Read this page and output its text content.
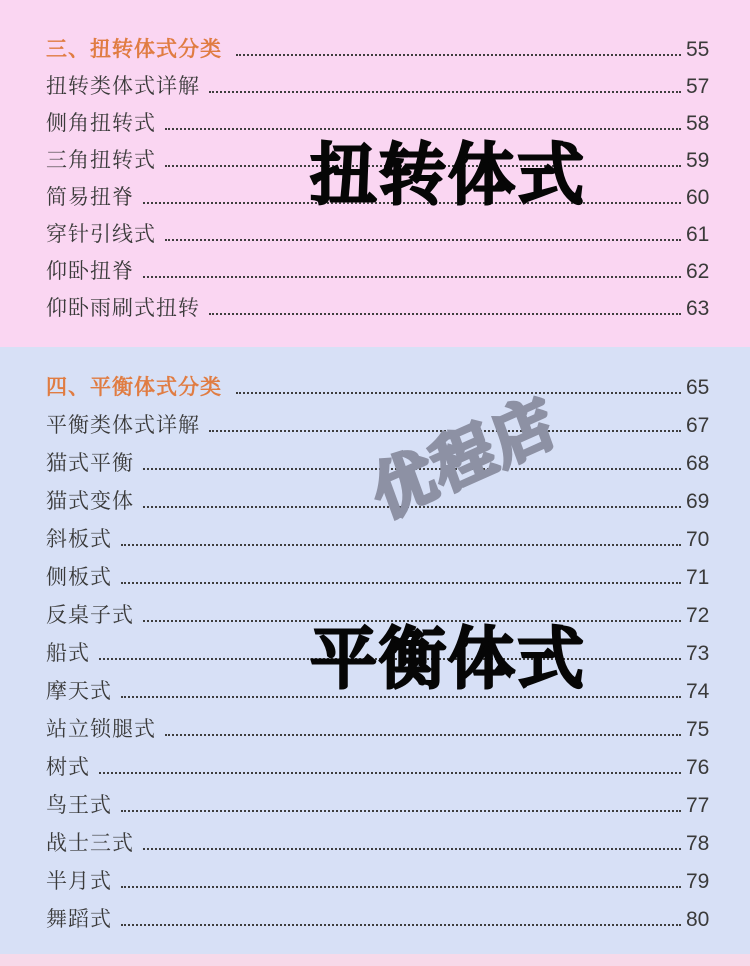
三、扭转体式分类	55
扭转类体式详解	57
侧角扭转式	58
三角扭转式	59
简易扭脊	60
穿针引线式	61
仰卧扭脊	62
仰卧雨刷式扭转	63
四、平衡体式分类	65
平衡类体式详解	67
猫式平衡	68
猫式变体	69
斜板式	70
侧板式	71
反桌子式	72
船式	73
摩天式	74
站立锁腿式	75
树式	76
鸟王式	77
战士三式	78
半月式	79
舞蹈式	80
扭转体式
平衡体式
优程店
